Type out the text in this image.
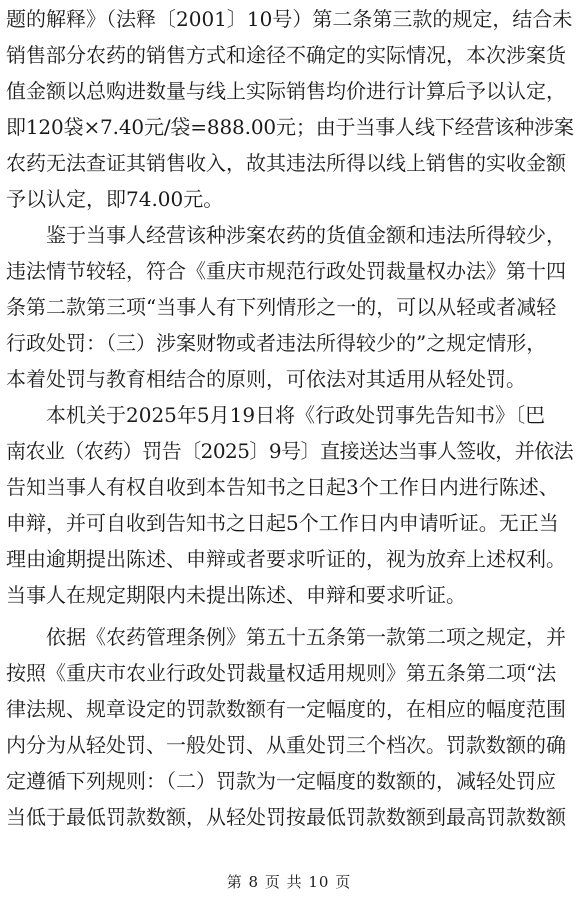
题的解释》（法释〔2001〕10号）第二条第三款的规定，结合未
销售部分农药的销售方式和途径不确定的实际情况，本次涉案货
值金额以总购进数量与线上实际销售均价进行计算后予以认定，
即120袋×7.40元/袋=888.00元；由于当事人线下经营该种涉案
农药无法查证其销售收入，故其违法所得以线上销售的实收金额
予以认定，即74.00元。
鉴于当事人经营该种涉案农药的货值金额和违法所得较少，
违法情节较轻，符合《重庆市规范行政处罚裁量权办法》第十四
条第二款第三项“当事人有下列情形之一的，可以从轻或者减轻
行政处罚：（三）涉案财物或者违法所得较少的”之规定情形，
本着处罚与教育相结合的原则，可依法对其适用从轻处罚。
本机关于2025年5月19日将《行政处罚事先告知书》〔巴
南农业（农药）罚告〔2025〕9号〕直接送达当事人签收，并依法
告知当事人有权自收到本告知书之日起3个工作日内进行陈述、
申辩，并可自收到告知书之日起5个工作日内申请听证。无正当
理由逾期提出陈述、申辩或者要求听证的，视为放弃上述权利。
当事人在规定期限内未提出陈述、申辩和要求听证。
依据《农药管理条例》第五十五条第一款第二项之规定，并
按照《重庆市农业行政处罚裁量权适用规则》第五条第二项“法
律法规、规章设定的罚款数额有一定幅度的，在相应的幅度范围
内分为从轻处罚、一般处罚、从重处罚三个档次。罚款数额的确
定遵循下列规则：（二）罚款为一定幅度的数额的，减轻处罚应
当低于最低罚款数额，从轻处罚按最低罚款数额到最高罚款数额
第 8 页 共 10 页
